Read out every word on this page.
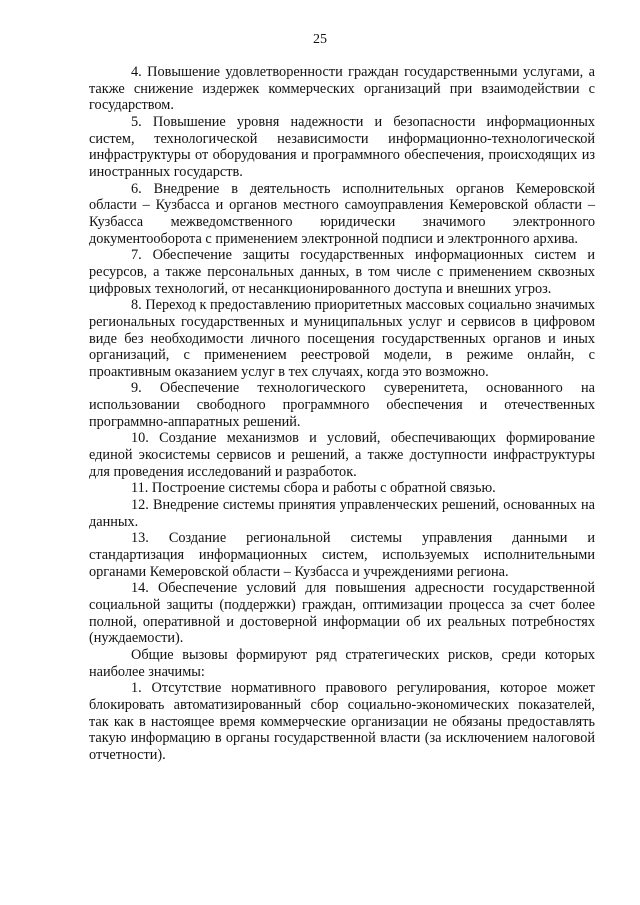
25

4. Повышение удовлетворенности граждан государственными услугами, а также снижение издержек коммерческих организаций при взаимодействии с государством.

5. Повышение уровня надежности и безопасности информационных систем, технологической независимости информационно-технологической инфраструктуры от оборудования и программного обеспечения, происходящих из иностранных государств.

6. Внедрение в деятельность исполнительных органов Кемеровской области – Кузбасса и органов местного самоуправления Кемеровской области – Кузбасса межведомственного юридически значимого электронного документооборота с применением электронной подписи и электронного архива.

7. Обеспечение защиты государственных информационных систем и ресурсов, а также персональных данных, в том числе с применением сквозных цифровых технологий, от несанкционированного доступа и внешних угроз.

8. Переход к предоставлению приоритетных массовых социально значимых региональных государственных и муниципальных услуг и сервисов в цифровом виде без необходимости личного посещения государственных органов и иных организаций, с применением реестровой модели, в режиме онлайн, с проактивным оказанием услуг в тех случаях, когда это возможно.

9. Обеспечение технологического суверенитета, основанного на использовании свободного программного обеспечения и отечественных программно-аппаратных решений.

10. Создание механизмов и условий, обеспечивающих формирование единой экосистемы сервисов и решений, а также доступности инфраструктуры для проведения исследований и разработок.

11. Построение системы сбора и работы с обратной связью.

12. Внедрение системы принятия управленческих решений, основанных на данных.

13. Создание региональной системы управления данными и стандартизация информационных систем, используемых исполнительными органами Кемеровской области – Кузбасса и учреждениями региона.

14. Обеспечение условий для повышения адресности государственной социальной защиты (поддержки) граждан, оптимизации процесса за счет более полной, оперативной и достоверной информации об их реальных потребностях (нуждаемости).

Общие вызовы формируют ряд стратегических рисков, среди которых наиболее значимы:

1. Отсутствие нормативного правового регулирования, которое может блокировать автоматизированный сбор социально-экономических показателей, так как в настоящее время коммерческие организации не обязаны предоставлять такую информацию в органы государственной власти (за исключением налоговой отчетности).
